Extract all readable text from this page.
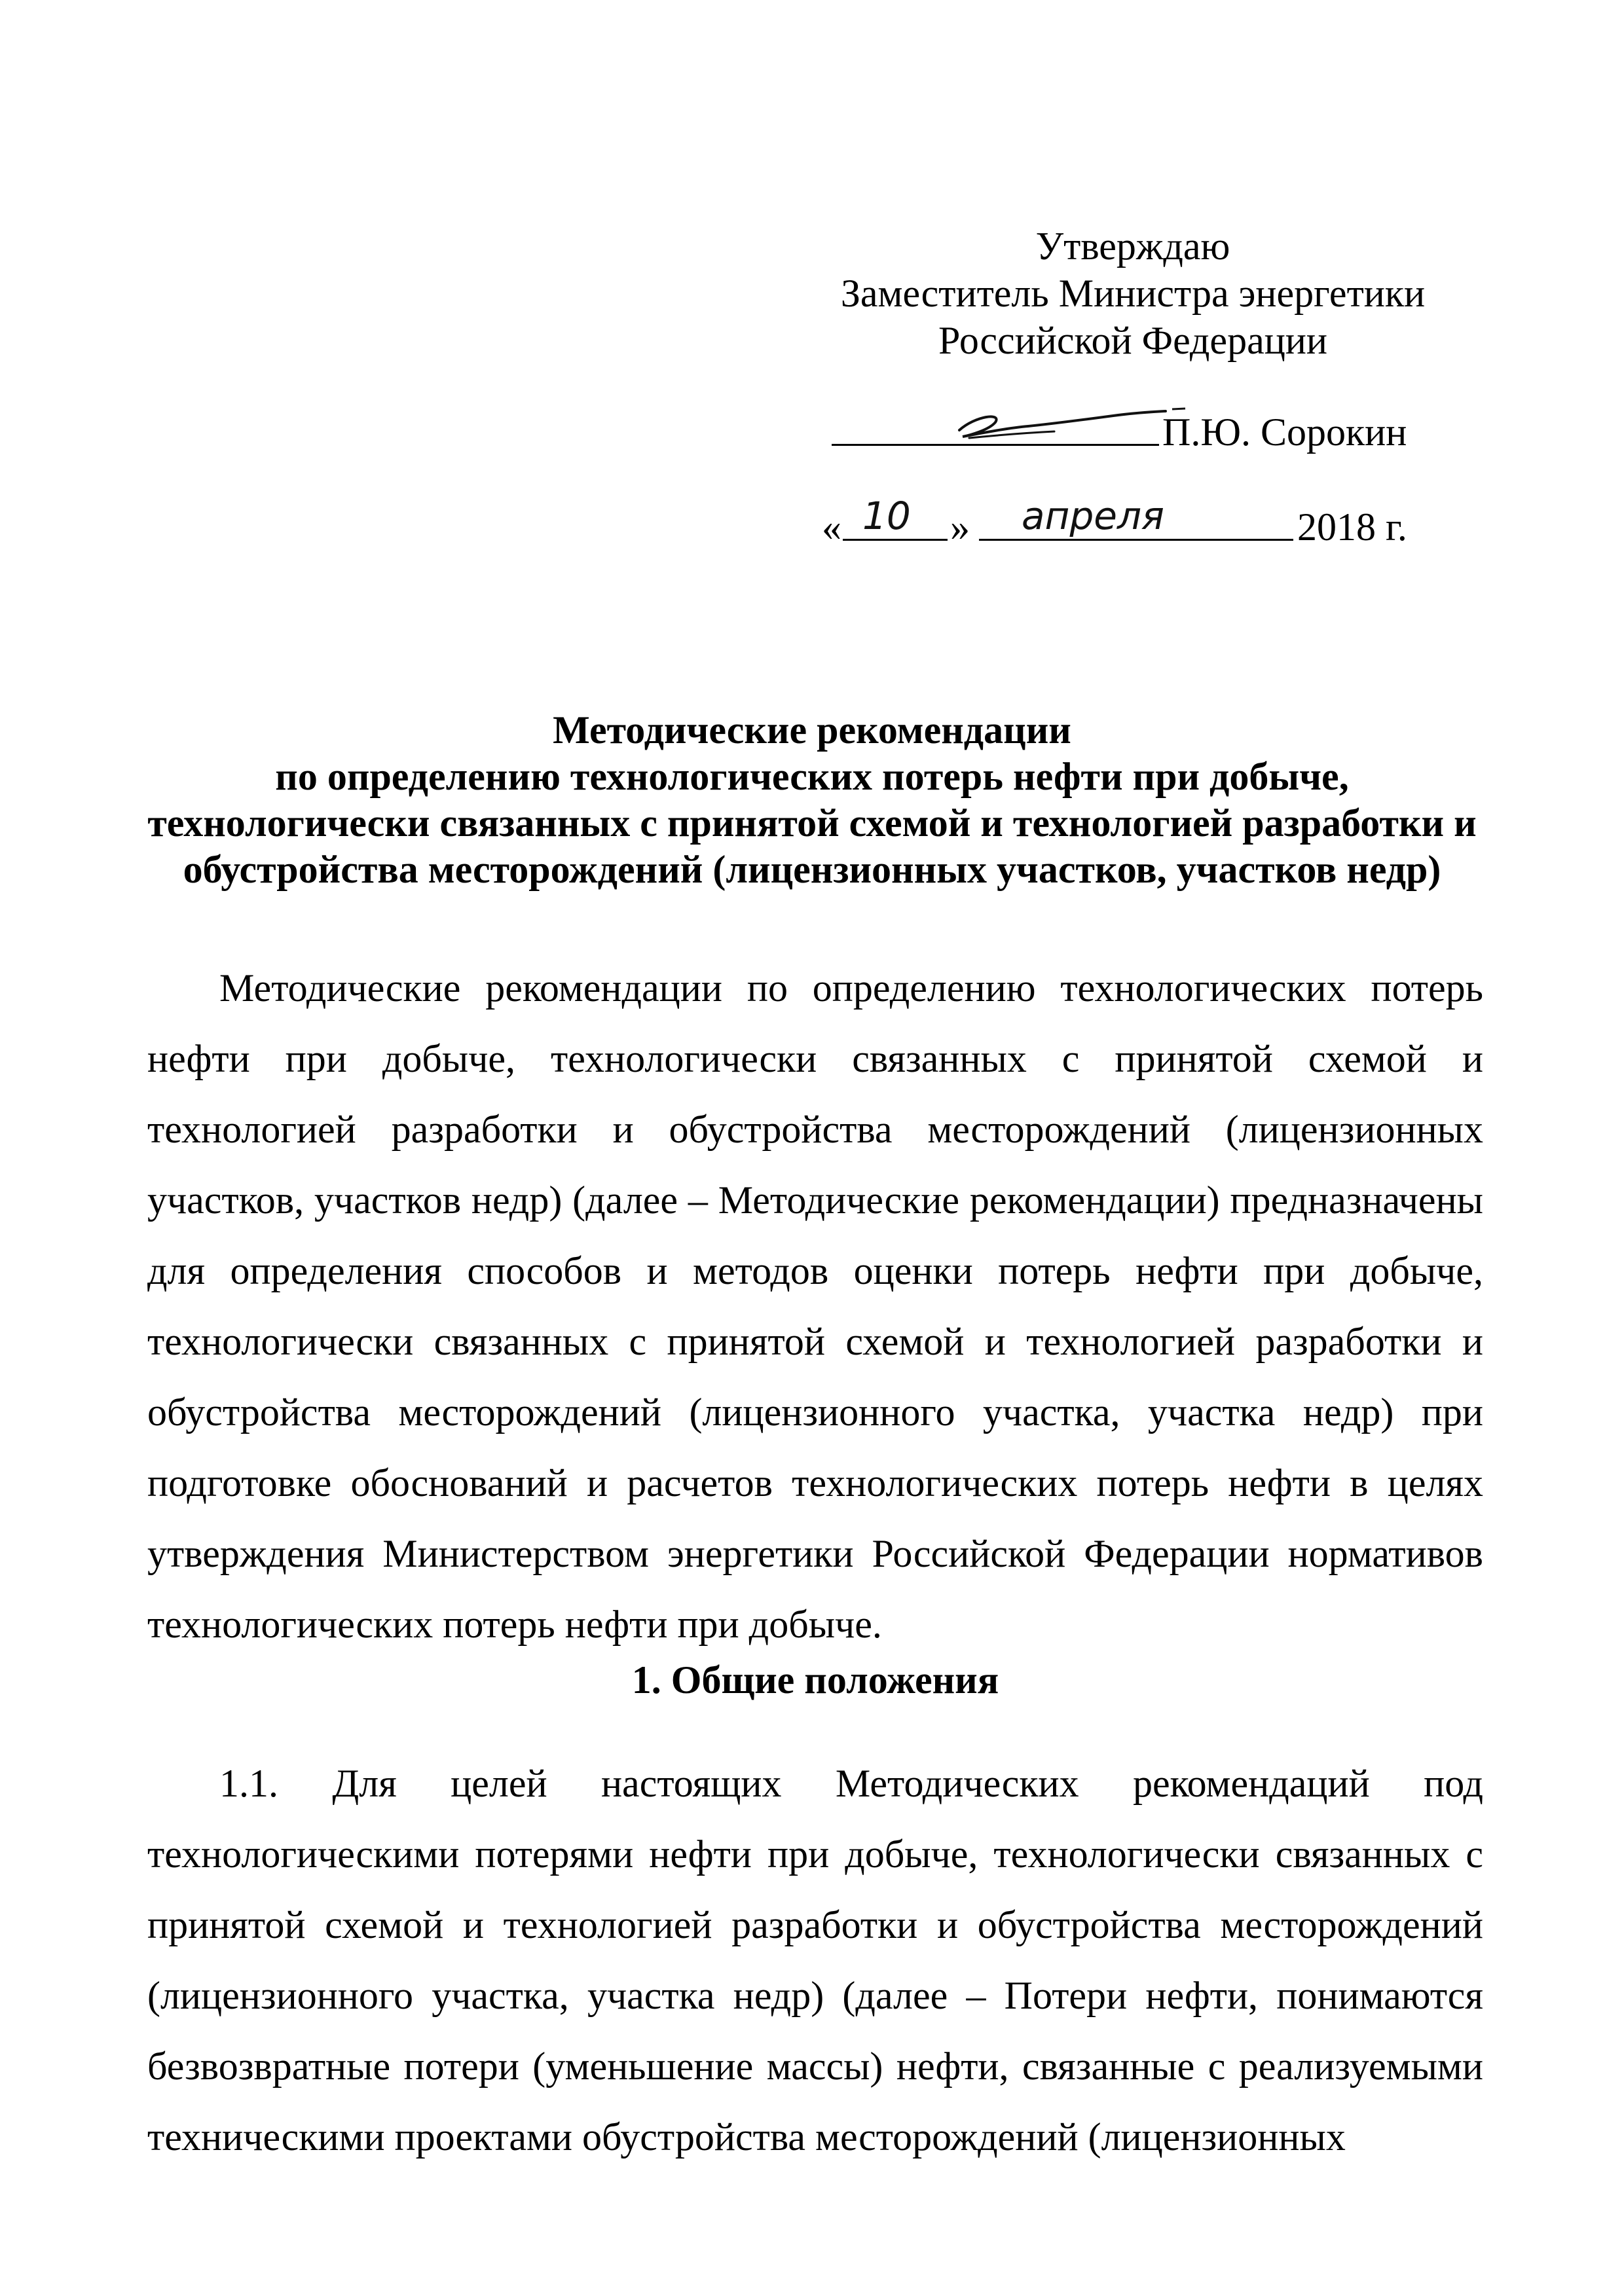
Утверждаю
Заместитель Министра энергетики
Российской Федерации
П.Ю. Сорокин
« 10 » апреля	2018 г.
Методические рекомендации
по определению технологических потерь нефти при добыче,
технологически связанных с принятой схемой и технологией разработки и
обустройства месторождений (лицензионных участков, участков недр)
Методические рекомендации по определению технологических потерь нефти при добыче, технологически связанных с принятой схемой и технологией разработки и обустройства месторождений (лицензионных участков, участков недр) (далее – Методические рекомендации) предназначены для определения способов и методов оценки потерь нефти при добыче, технологически связанных с принятой схемой и технологией разработки и обустройства месторождений (лицензионного участка, участка недр) при подготовке обоснований и расчетов технологических потерь нефти в целях утверждения Министерством энергетики Российской Федерации нормативов технологических потерь нефти при добыче.
1. Общие положения
1.1. Для целей настоящих Методических рекомендаций под технологическими потерями нефти при добыче, технологически связанных с принятой схемой и технологией разработки и обустройства месторождений (лицензионного участка, участка недр) (далее – Потери нефти, понимаются безвозвратные потери (уменьшение массы) нефти, связанные с реализуемыми техническими проектами обустройства месторождений (лицензионных
